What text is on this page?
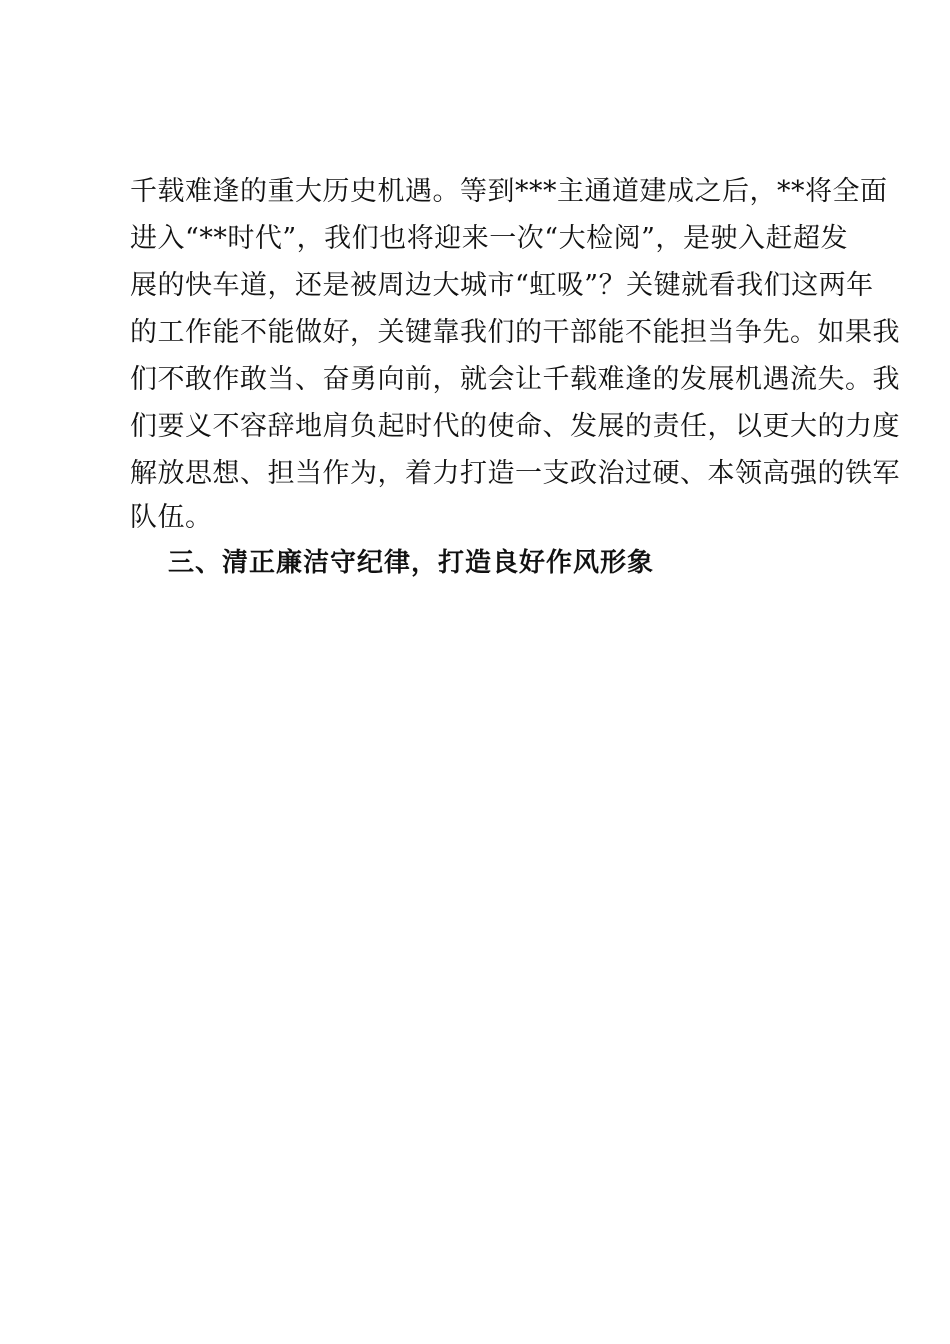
千载难逢的重大历史机遇。等到***主通道建成之后，**将全面
进入“**时代”，我们也将迎来一次“大检阅”，是驶入赶超发
展的快车道，还是被周边大城市“虹吸”？关键就看我们这两年
的工作能不能做好，关键靠我们的干部能不能担当争先。如果我
们不敢作敢当、奋勇向前，就会让千载难逢的发展机遇流失。我
们要义不容辞地肩负起时代的使命、发展的责任，以更大的力度
解放思想、担当作为，着力打造一支政治过硬、本领高强的铁军
队伍。
三、清正廉洁守纪律，打造良好作风形象
